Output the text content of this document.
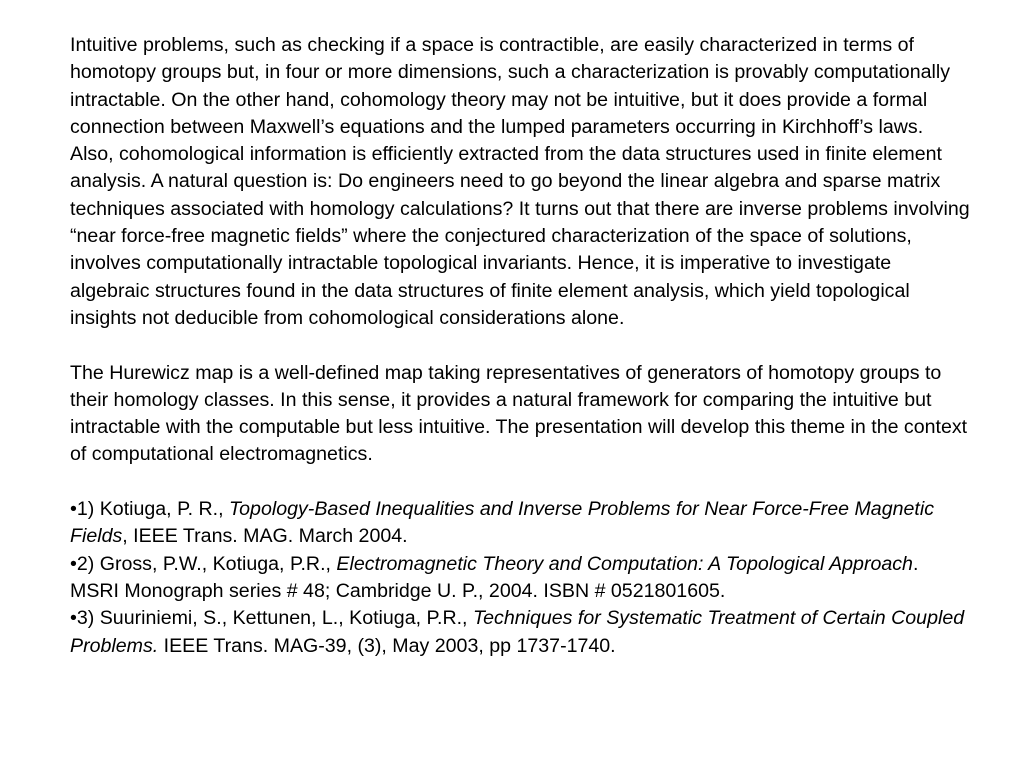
Intuitive problems, such as checking if a space is contractible, are easily characterized in terms of homotopy groups but, in four or more dimensions, such a characterization is provably computationally intractable. On the other hand, cohomology theory may not be intuitive, but it does provide a formal connection between Maxwell’s equations and the lumped parameters occurring in Kirchhoff’s laws. Also, cohomological information is efficiently extracted from the data structures used in finite element analysis. A natural question is: Do engineers need to go beyond the linear algebra and sparse matrix techniques associated with homology calculations? It turns out that there are inverse problems involving “near force-free magnetic fields” where the conjectured characterization of the space of solutions, involves computationally intractable topological invariants. Hence, it is imperative to investigate algebraic structures found in the data structures of finite element analysis, which yield topological insights not deducible from cohomological considerations alone.

The Hurewicz map is a well-defined map taking representatives of generators of homotopy groups to their homology classes. In this sense, it provides a natural framework for comparing the intuitive but intractable with the computable but less intuitive. The presentation will develop this theme in the context of computational electromagnetics.

•1) Kotiuga, P. R., Topology-Based Inequalities and Inverse Problems for Near Force-Free Magnetic Fields, IEEE Trans. MAG. March 2004.

•2) Gross, P.W., Kotiuga, P.R., Electromagnetic Theory and Computation: A Topological Approach. MSRI Monograph series # 48; Cambridge U. P., 2004. ISBN # 0521801605.

•3) Suuriniemi, S., Kettunen, L., Kotiuga, P.R., Techniques for Systematic Treatment of Certain Coupled Problems. IEEE Trans. MAG-39, (3), May 2003, pp 1737-1740.
